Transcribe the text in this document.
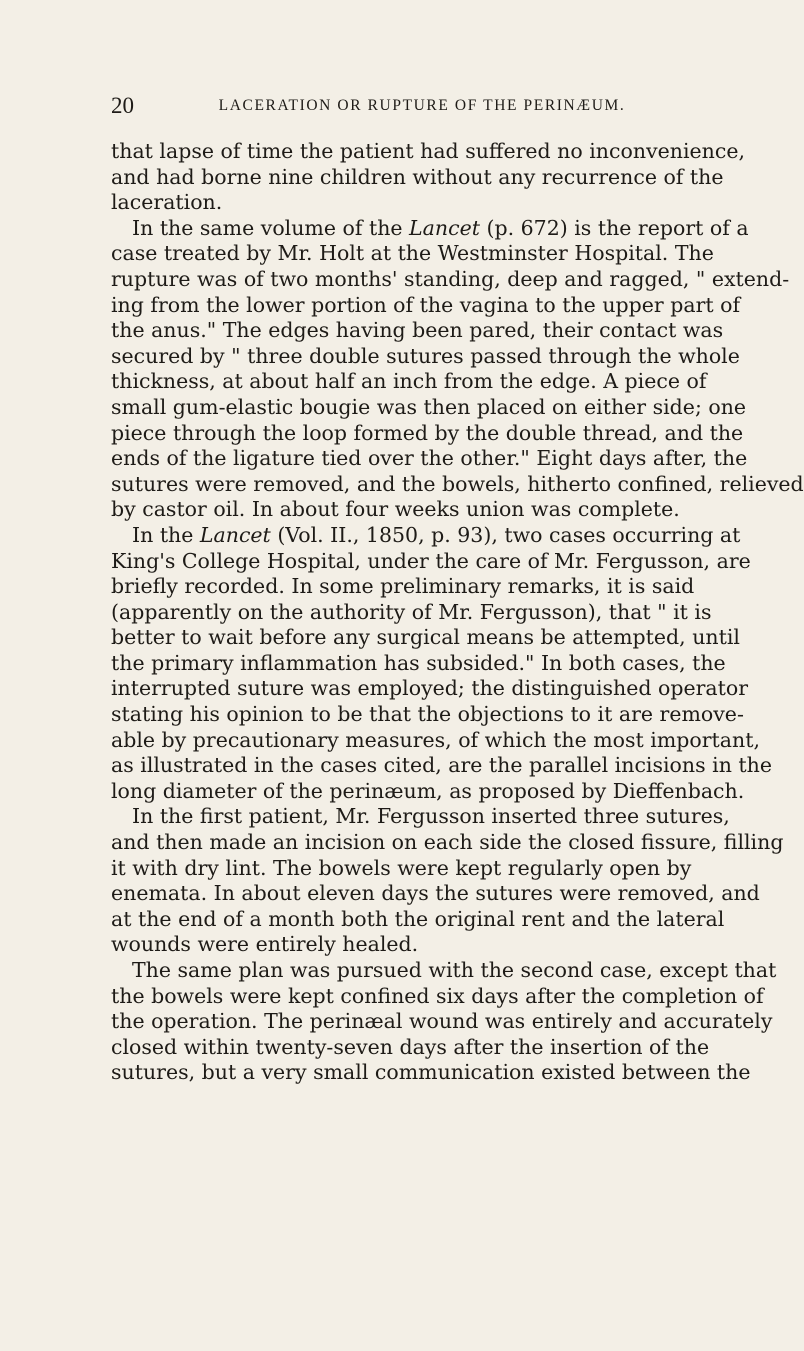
20	LACERATION OR RUPTURE OF THE PERINÆUM.
that lapse of time the patient had suffered no inconvenience,
and had borne nine children without any recurrence of the
laceration.
In the same volume of the Lancet (p. 672) is the report of a
case treated by Mr. Holt at the Westminster Hospital. The
rupture was of two months' standing, deep and ragged, " extend-
ing from the lower portion of the vagina to the upper part of
the anus." The edges having been pared, their contact was
secured by " three double sutures passed through the whole
thickness, at about half an inch from the edge. A piece of
small gum-elastic bougie was then placed on either side; one
piece through the loop formed by the double thread, and the
ends of the ligature tied over the other." Eight days after, the
sutures were removed, and the bowels, hitherto confined, relieved
by castor oil. In about four weeks union was complete.
In the Lancet (Vol. II., 1850, p. 93), two cases occurring at
King's College Hospital, under the care of Mr. Fergusson, are
briefly recorded. In some preliminary remarks, it is said
(apparently on the authority of Mr. Fergusson), that " it is
better to wait before any surgical means be attempted, until
the primary inflammation has subsided." In both cases, the
interrupted suture was employed; the distinguished operator
stating his opinion to be that the objections to it are remove-
able by precautionary measures, of which the most important,
as illustrated in the cases cited, are the parallel incisions in the
long diameter of the perinæum, as proposed by Dieffenbach.
In the first patient, Mr. Fergusson inserted three sutures,
and then made an incision on each side the closed fissure, filling
it with dry lint. The bowels were kept regularly open by
enemata. In about eleven days the sutures were removed, and
at the end of a month both the original rent and the lateral
wounds were entirely healed.
The same plan was pursued with the second case, except that
the bowels were kept confined six days after the completion of
the operation. The perinæal wound was entirely and accurately
closed within twenty-seven days after the insertion of the
sutures, but a very small communication existed between the
